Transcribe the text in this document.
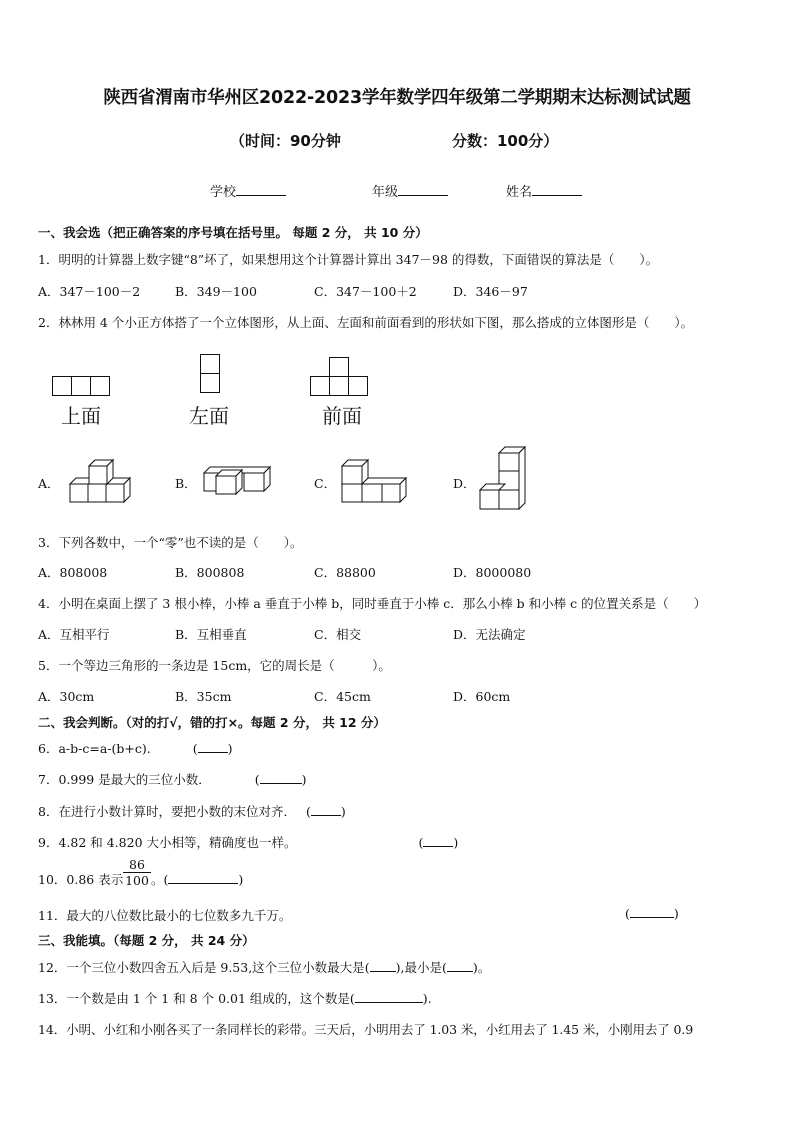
陕西省渭南市华州区2022-2023学年数学四年级第二学期期末达标测试试题
（时间：90分钟	分数：100分）
学校	年级	姓名
一、我会选（把正确答案的序号填在括号里。 每题 2 分， 共 10 分）
1．明明的计算器上数字键“8”坏了，如果想用这个计算器计算出 347－98 的得数，下面错误的算法是（　　）。
A．347－100－2	B．349－100	C．347－100＋2	D．346－97
2．林林用 4 个小正方体搭了一个立体图形，从上面、左面和前面看到的形状如下图，那么搭成的立体图形是（　　）。
上面	左面	前面
A．	B．	C．	D．
3．下列各数中，一个“零”也不读的是（　　）。
A．808008	B．800808	C．88800	D．8000080
4．小明在桌面上摆了 3 根小棒，小棒 a 垂直于小棒 b，同时垂直于小棒 c．那么小棒 b 和小棒 c 的位置关系是（　　）
A．互相平行	B．互相垂直	C．相交	D．无法确定
5．一个等边三角形的一条边是 15cm，它的周长是（　　　）。
A．30cm	B．35cm	C．45cm	D．60cm
二、我会判断。（对的打√，错的打×。每题 2 分， 共 12 分）
6．a-b-c=a-(b+c).	( )
7．0.999 是最大的三位小数．	(	)
8．在进行小数计算时，要把小数的末位对齐． ( )
9．4.82 和 4.820 大小相等，精确度也一样。	( )
10．0.86 表示 $\frac{86}{100}$ 。(	)
11．最大的八位数比最小的七位数多九千万。	(	)
三、我能填。（每题 2 分， 共 24 分）
12．一个三位小数四舍五入后是 9.53,这个三位小数最大是( ),最小是( )。
13．一个数是由 1 个 1 和 8 个 0.01 组成的，这个数是(	).
14．小明、小红和小刚各买了一条同样长的彩带。三天后，小明用去了 1.03 米，小红用去了 1.45 米，小刚用去了 0.9
